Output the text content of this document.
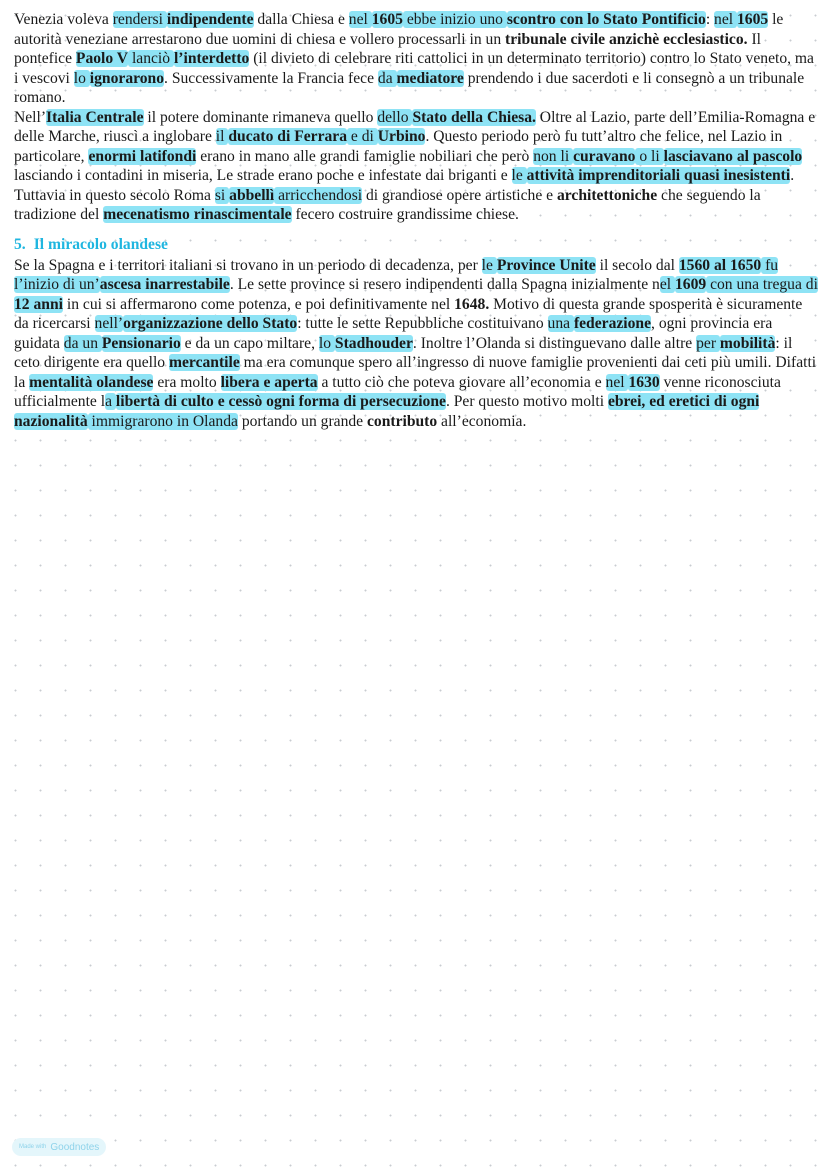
Venezia voleva rendersi indipendente dalla Chiesa e nel 1605 ebbe inizio uno scontro con lo Stato Pontificio: nel 1605 le autorità veneziane arrestarono due uomini di chiesa e vollero processarli in un tribunale civile anzichè ecclesiastico. Il pontefice Paolo V lanciò l’interdetto (il divieto di celebrare riti cattolici in un determinato territorio) contro lo Stato veneto, ma i vescovi lo ignorarono. Successivamente la Francia fece da mediatore prendendo i due sacerdoti e li consegnò a un tribunale romano.

Nell’Italia Centrale il potere dominante rimaneva quello dello Stato della Chiesa. Oltre al Lazio, parte dell’Emilia-Romagna e delle Marche, riuscì a inglobare il ducato di Ferrara e di Urbino. Questo periodo però fu tutt’altro che felice, nel Lazio in particolare, enormi latifondi erano in mano alle grandi famiglie nobiliari che però non li curavano o li lasciavano al pascolo lasciando i contadini in miseria, Le strade erano poche e infestate dai briganti e le attività imprenditoriali quasi inesistenti. Tuttavia in questo secolo Roma si abbellì arricchendosi di grandiose opere artistiche e architettoniche che seguendo la tradizione del mecenatismo rinascimentale fecero costruire grandissime chiese.

5. Il miracolo olandese

Se la Spagna e i territori italiani si trovano in un periodo di decadenza, per le Province Unite il secolo dal 1560 al 1650 fu l’inizio di un’ascesa inarrestabile. Le sette province si resero indipendenti dalla Spagna inizialmente nel 1609 con una tregua di 12 anni in cui si affermarono come potenza, e poi definitivamente nel 1648. Motivo di questa grande sposperità è sicuramente da ricercarsi nell’organizzazione dello Stato: tutte le sette Repubbliche costituivano una federazione, ogni provincia era guidata da un Pensionario e da un capo miltare, lo Stadhouder. Inoltre l’Olanda si distinguevano dalle altre per mobilità: il ceto dirigente era quello mercantile ma era comunque spero all’ingresso di nuove famiglie provenienti dai ceti più umili. Difatti la mentalità olandese era molto libera e aperta a tutto ciò che poteva giovare all’economia e nel 1630 venne riconosciuta ufficialmente la libertà di culto e cessò ogni forma di persecuzione. Per questo motivo molti ebrei, ed eretici di ogni nazionalità immigrarono in Olanda portando un grande contributo all’economia.

Made with Goodnotes
